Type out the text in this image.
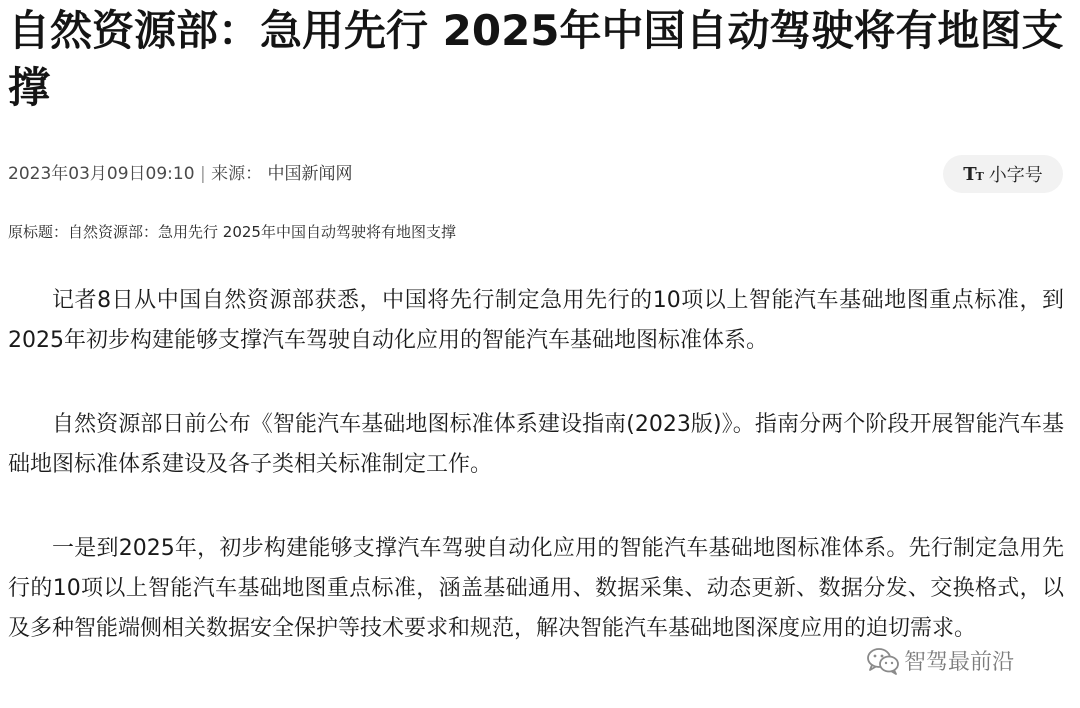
自然资源部：急用先行 2025年中国自动驾驶将有地图支撑
2023年03月09日09:10 | 来源： 中国新闻网	TT 小字号
原标题：自然资源部：急用先行 2025年中国自动驾驶将有地图支撑

记者8日从中国自然资源部获悉，中国将先行制定急用先行的10项以上智能汽车基础地图重点标准，到2025年初步构建能够支撑汽车驾驶自动化应用的智能汽车基础地图标准体系。

自然资源部日前公布《智能汽车基础地图标准体系建设指南(2023版)》。指南分两个阶段开展智能汽车基础地图标准体系建设及各子类相关标准制定工作。

一是到2025年，初步构建能够支撑汽车驾驶自动化应用的智能汽车基础地图标准体系。先行制定急用先行的10项以上智能汽车基础地图重点标准，涵盖基础通用、数据采集、动态更新、数据分发、交换格式，以及多种智能端侧相关数据安全保护等技术要求和规范，解决智能汽车基础地图深度应用的迫切需求。

智驾最前沿
